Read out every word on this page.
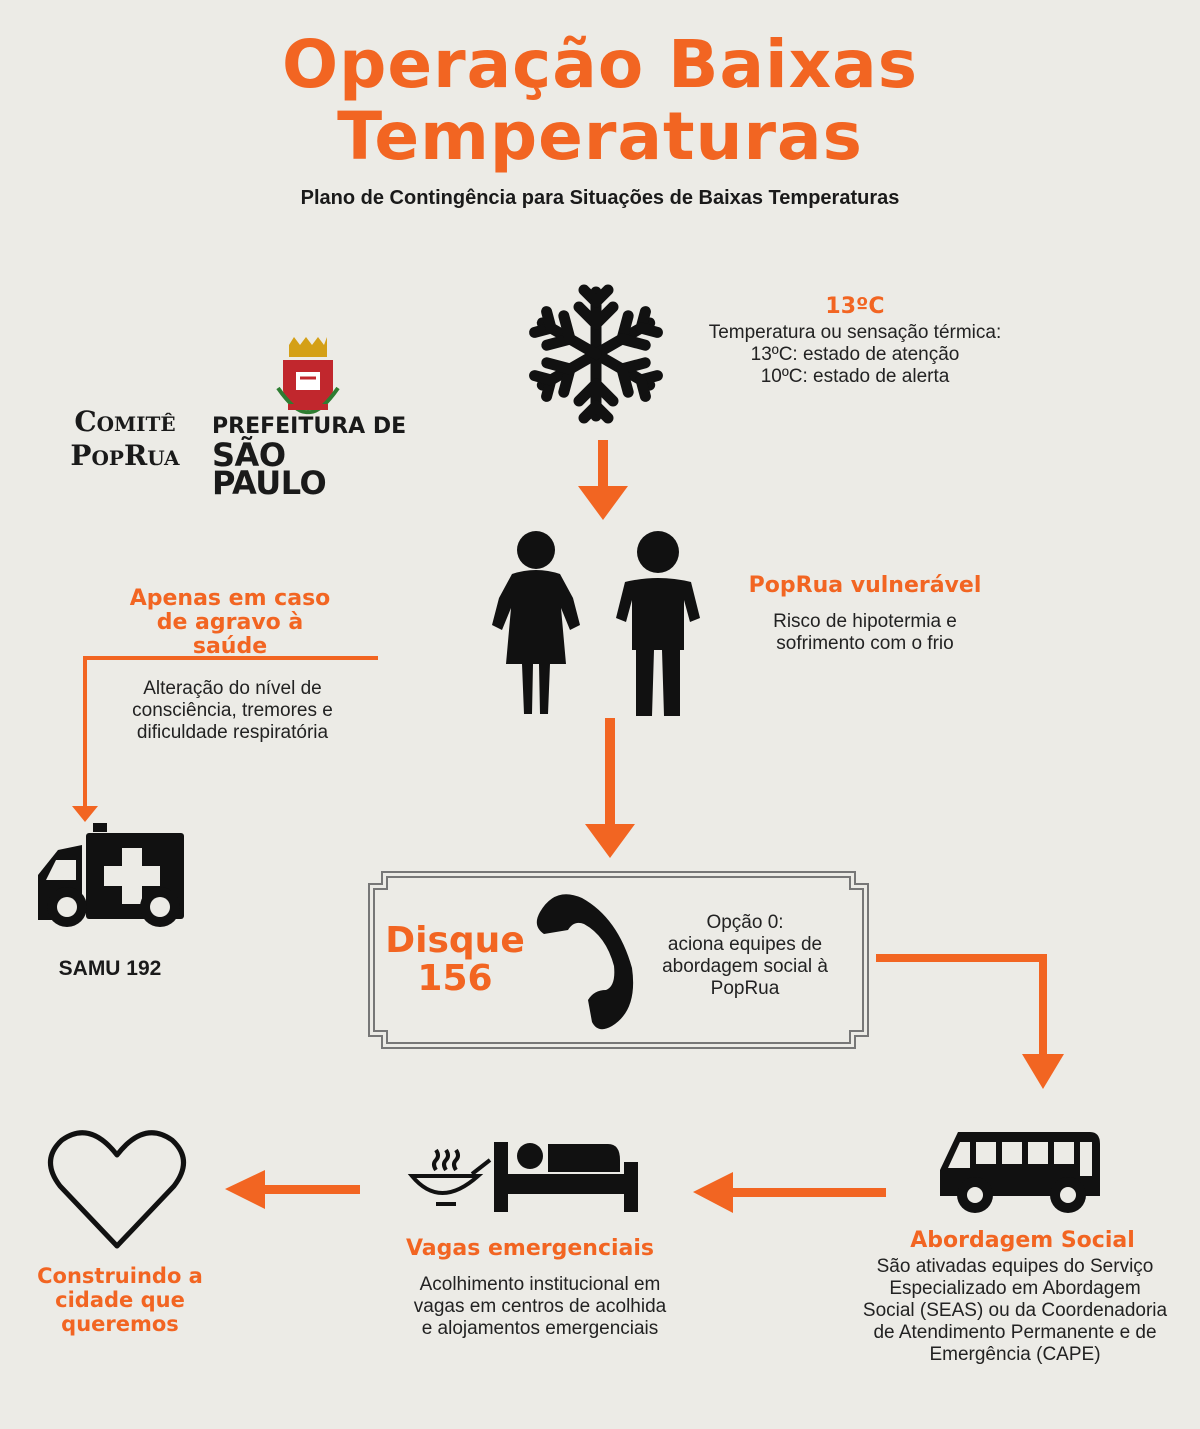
Operação Baixas
Temperaturas
Plano de Contingência para Situações de Baixas Temperaturas
Comitê
PopRua
PREFEITURA DE
SÃO PAULO
13ºC
Temperatura ou sensação térmica:
13ºC: estado de atenção
10ºC: estado de alerta
PopRua vulnerável
Risco de hipotermia e
sofrimento com o frio
Apenas em caso
de agravo à
saúde
Alteração do nível de
consciência, tremores e
dificuldade respiratória
SAMU 192
Disque
156
Opção 0:
aciona equipes de
abordagem social à
PopRua
Abordagem Social
São ativadas equipes do Serviço
Especializado em Abordagem
Social (SEAS) ou da Coordenadoria
de Atendimento Permanente e de
Emergência (CAPE)
Vagas emergenciais
Acolhimento institucional em
vagas em centros de acolhida
e alojamentos emergenciais
Construindo a
cidade que
queremos
